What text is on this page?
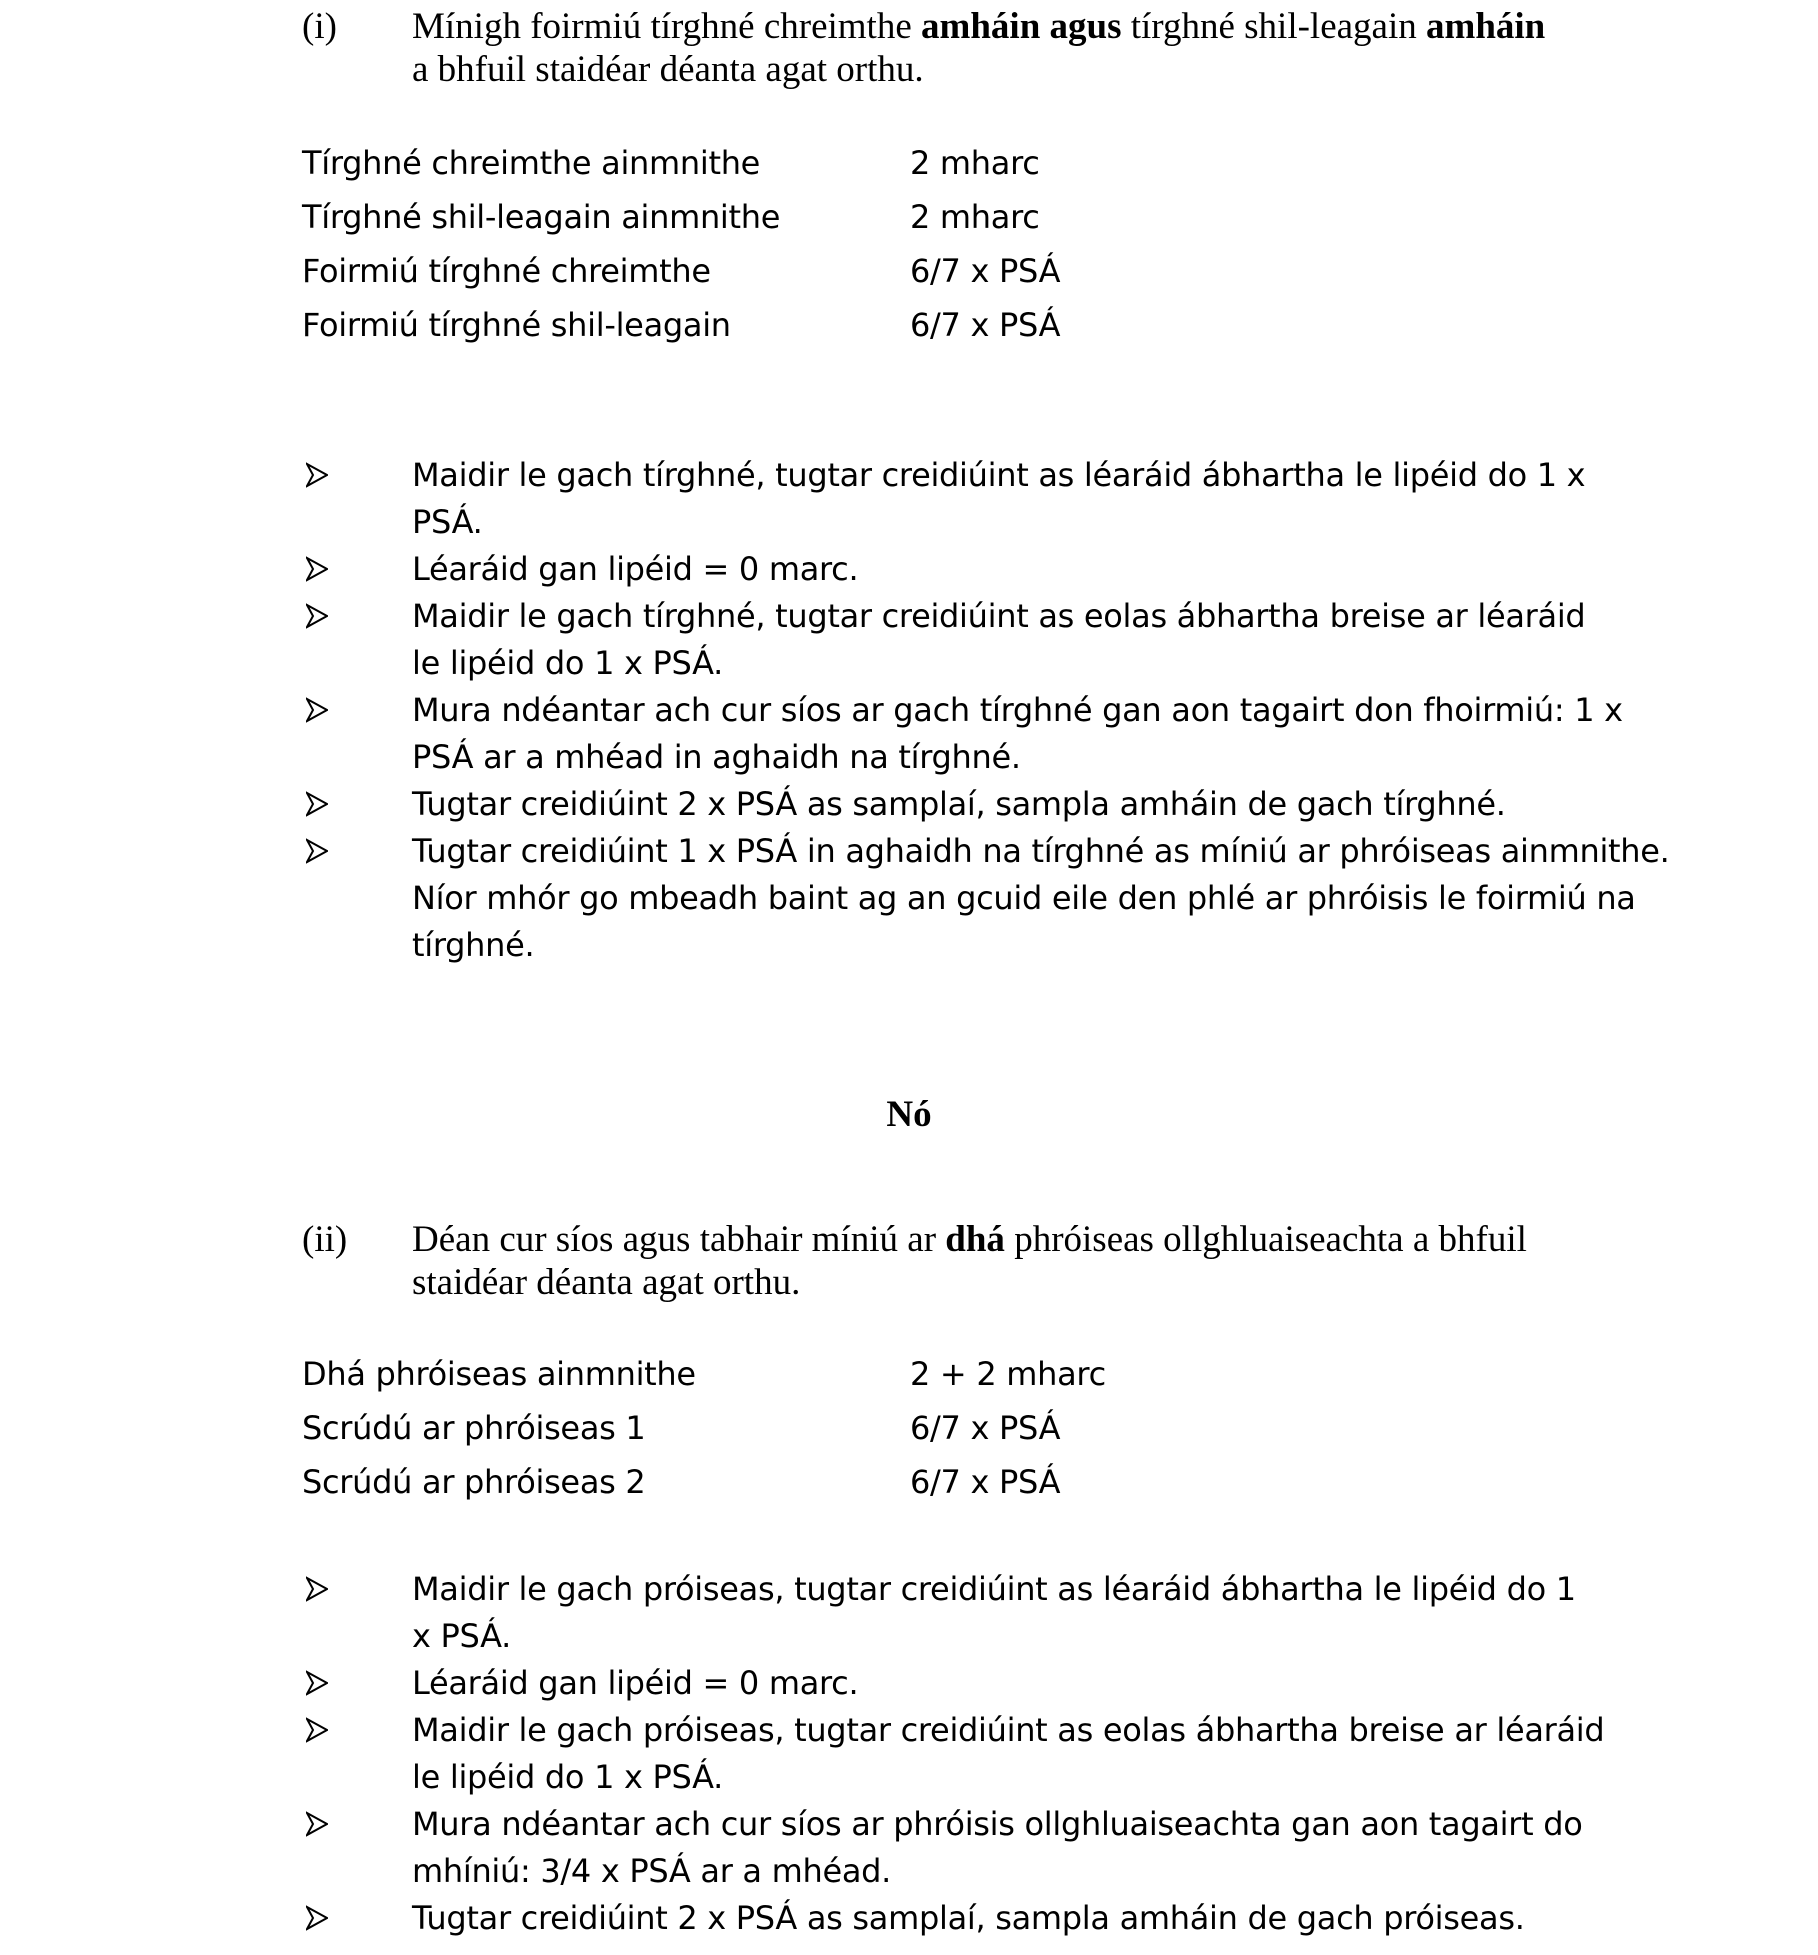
(i) Mínigh foirmiú tírghné chreimthe amháin agus tírghné shil-leagain amháin a bhfuil staidéar déanta agat orthu.
Tírghné chreimthe ainmnithe	2 mharc
Tírghné shil-leagain ainmnithe	2 mharc
Foirmiú tírghné chreimthe	6/7 x PSÁ
Foirmiú tírghné shil-leagain	6/7 x PSÁ
Maidir le gach tírghné, tugtar creidiúint as léaráid ábhartha le lipéid do 1 x PSÁ.
Léaráid gan lipéid = 0 marc.
Maidir le gach tírghné, tugtar creidiúint as eolas ábhartha breise ar léaráid le lipéid do 1 x PSÁ.
Mura ndéantar ach cur síos ar gach tírghné gan aon tagairt don fhoirmiú: 1 x PSÁ ar a mhéad in aghaidh na tírghné.
Tugtar creidiúint 2 x PSÁ as samplaí, sampla amháin de gach tírghné.
Tugtar creidiúint 1 x PSÁ in aghaidh na tírghné as míniú ar phróiseas ainmnithe. Níor mhór go mbeadh baint ag an gcuid eile den phlé ar phróisis le foirmiú na tírghné.
Nó
(ii) Déan cur síos agus tabhair míniú ar dhá phróiseas ollghluaiseachta a bhfuil staidéar déanta agat orthu.
Dhá phróiseas ainmnithe	2 + 2 mharc
Scrúdú ar phróiseas 1	6/7 x PSÁ
Scrúdú ar phróiseas 2	6/7 x PSÁ
Maidir le gach próiseas, tugtar creidiúint as léaráid ábhartha le lipéid do 1 x PSÁ.
Léaráid gan lipéid = 0 marc.
Maidir le gach próiseas, tugtar creidiúint as eolas ábhartha breise ar léaráid le lipéid do 1 x PSÁ.
Mura ndéantar ach cur síos ar phróisis ollghluaiseachta gan aon tagairt do mhíniú: 3/4 x PSÁ ar a mhéad.
Tugtar creidiúint 2 x PSÁ as samplaí, sampla amháin de gach próiseas.
